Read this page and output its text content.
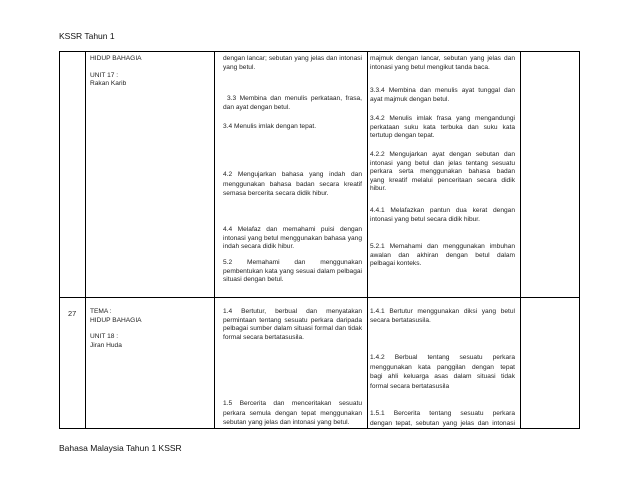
KSSR Tahun 1
HIDUP BAHAGIA
UNIT 17 :
Rakan Karib
dengan lancar; sebutan yang jelas dan intonasi
yang betul.
3.3 Membina dan menulis perkataan, frasa,
dan ayat dengan betul.
3.4 Menulis imlak dengan tepat.
4.2 Mengujarkan bahasa yang indah dan
menggunakan bahasa badan secara kreatif
semasa bercerita secara didik hibur.
4.4 Melafaz dan memahami puisi dengan
intonasi yang betul menggunakan bahasa yang
indah secara didik hibur.
5.2 Memahami dan menggunakan
pembentukan kata yang sesuai dalam pelbagai
situasi dengan betul.
majmuk dengan lancar, sebutan yang jelas dan
intonasi yang betul mengikut tanda baca.
3.3.4 Membina dan menulis ayat tunggal dan
ayat majmuk dengan betul.
3.4.2 Menulis imlak frasa yang mengandungi
perkataan suku kata terbuka dan suku kata
tertutup dengan tepat.
4.2.2 Mengujarkan ayat dengan sebutan dan
intonasi yang betul dan jelas tentang sesuatu
perkara serta menggunakan bahasa badan
yang kreatif melalui penceritaan secara didik
hibur.
4.4.1 Melafazkan pantun dua kerat dengan
intonasi yang betul secara didik hibur.
5.2.1 Memahami dan menggunakan imbuhan
awalan dan akhiran dengan betul dalam
pelbagai konteks.
27 TEMA :
HIDUP BAHAGIA
UNIT 18 :
Jiran Huda
1.4 Bertutur, berbual dan menyatakan
permintaan tentang sesuatu perkara daripada
pelbagai sumber dalam situasi formal dan tidak
formal secara bertatasusila.
1.5 Bercerita dan menceritakan sesuatu
perkara semula dengan tepat menggunakan
sebutan yang jelas dan intonasi yang betul.
1.4.1 Bertutur menggunakan diksi yang betul
secara bertatasusila.
1.4.2 Berbual tentang sesuatu perkara
menggunakan kata panggilan dengan tepat
bagi ahli keluarga asas dalam situasi tidak
formal secara bertatasusila
1.5.1 Bercerita tentang sesuatu perkara
dengan tepat, sebutan yang jelas dan intonasi
Bahasa Malaysia Tahun 1 KSSR
